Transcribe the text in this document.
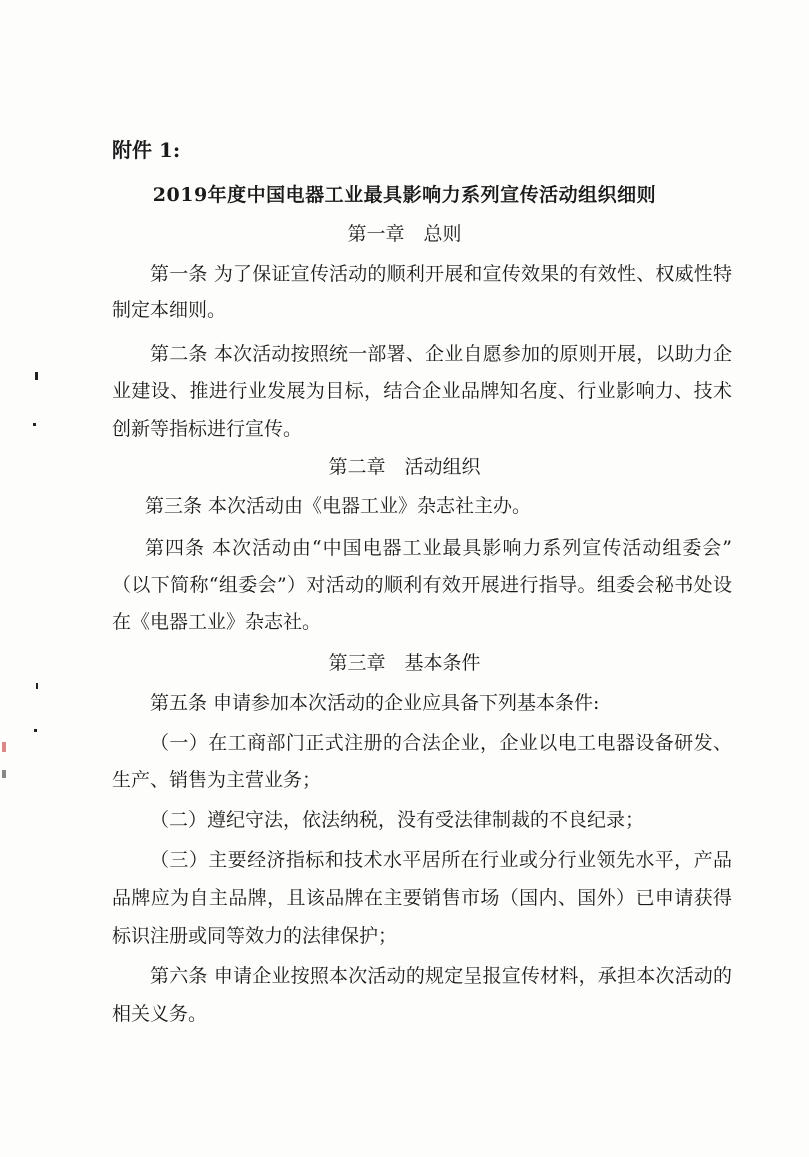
附件 1:
2019年度中国电器工业最具影响力系列宣传活动组织细则
第一章　总则
第一条 为了保证宣传活动的顺利开展和宣传效果的有效性、权威性特
制定本细则。
第二条 本次活动按照统一部署、企业自愿参加的原则开展，以助力企
业建设、推进行业发展为目标，结合企业品牌知名度、行业影响力、技术
创新等指标进行宣传。
第二章　活动组织
第三条 本次活动由《电器工业》杂志社主办。
第四条 本次活动由“中国电器工业最具影响力系列宣传活动组委会”
（以下简称“组委会”）对活动的顺利有效开展进行指导。组委会秘书处设
在《电器工业》杂志社。
第三章　基本条件
第五条 申请参加本次活动的企业应具备下列基本条件:
（一）在工商部门正式注册的合法企业，企业以电工电器设备研发、
生产、销售为主营业务；
（二）遵纪守法，依法纳税，没有受法律制裁的不良纪录；
（三）主要经济指标和技术水平居所在行业或分行业领先水平，产品
品牌应为自主品牌，且该品牌在主要销售市场（国内、国外）已申请获得
标识注册或同等效力的法律保护；
第六条 申请企业按照本次活动的规定呈报宣传材料，承担本次活动的
相关义务。
